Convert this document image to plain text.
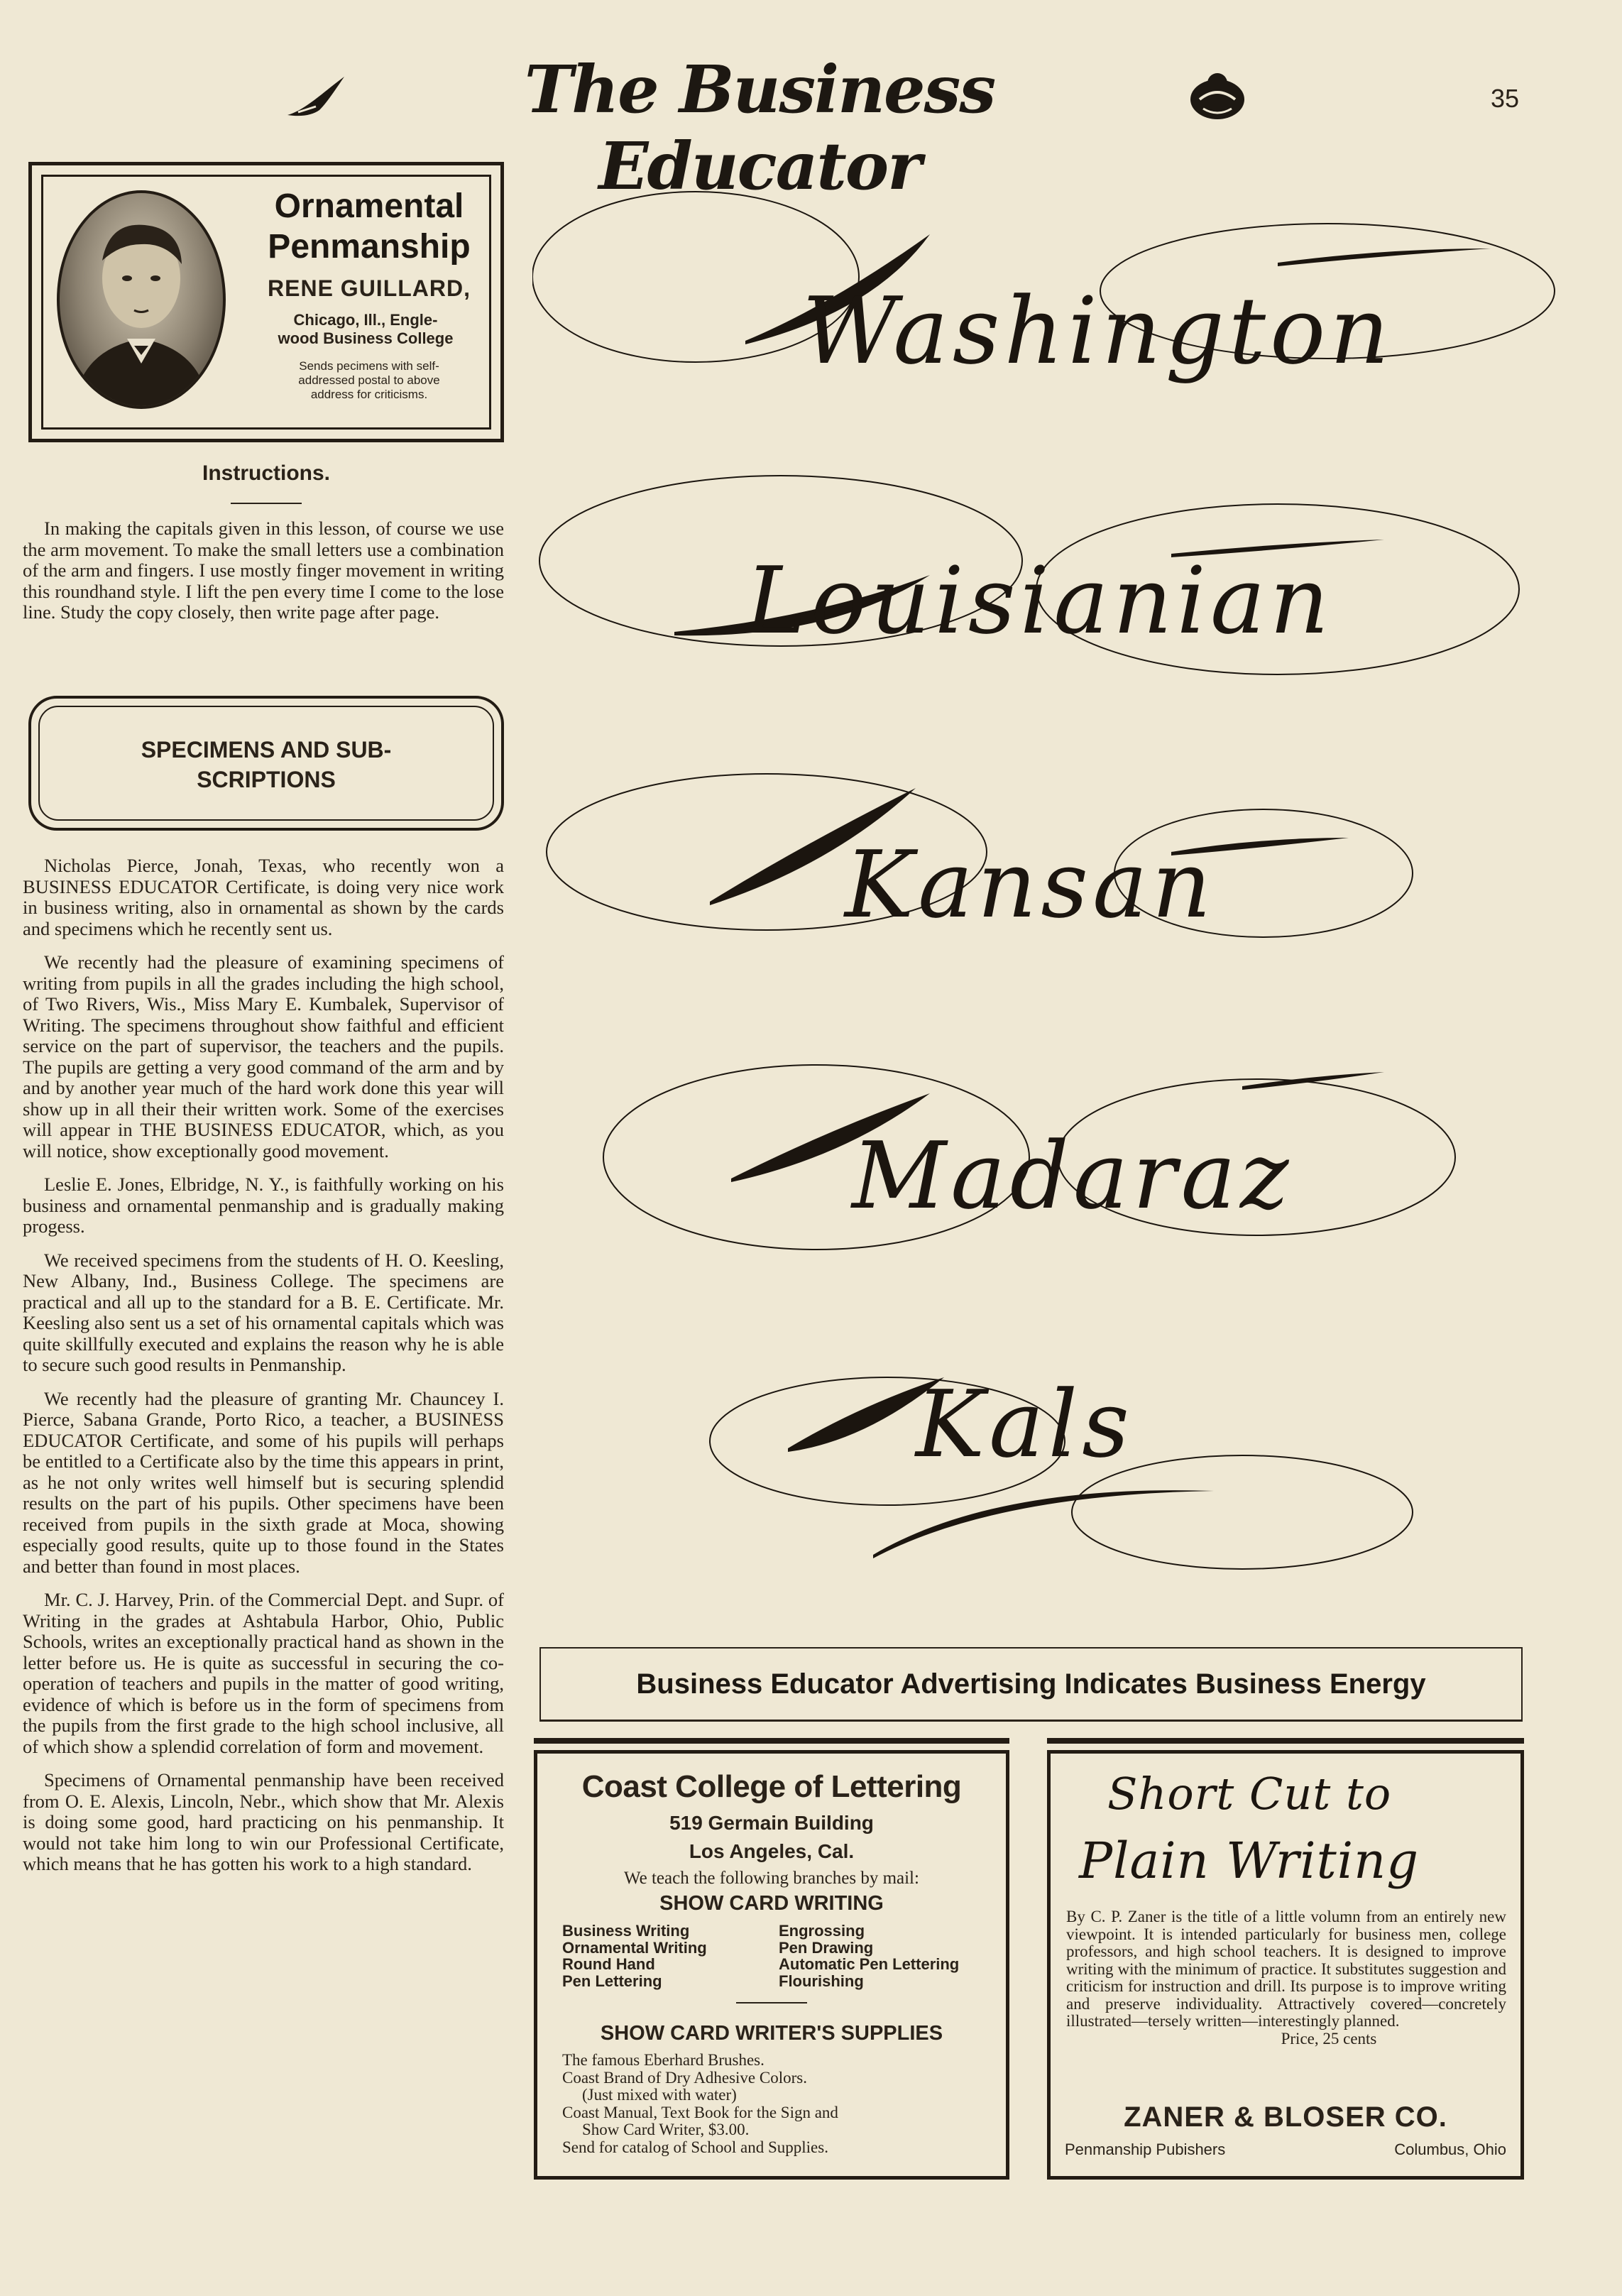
The Business Educator
35
Ornamental
Penmanship
RENE GUILLARD,
Chicago, Ill., Engle-
wood Business College
Sends pecimens with self-
addressed postal to above
address for criticisms.
Instructions.
In making the capitals given in this lesson, of course we use the arm movement. To make the small letters use a combination of the arm and fingers. I use mostly finger movement in writing this roundhand style. I lift the pen every time I come to the lose line. Study the copy closely, then write page after page.
SPECIMENS AND SUB-
SCRIPTIONS

Nicholas Pierce, Jonah, Texas, who recently won a BUSINESS EDUCATOR Certificate, is doing very nice work in business writing, also in ornamental as shown by the cards and specimens which he recently sent us.

We recently had the pleasure of examining specimens of writing from pupils in all the grades including the high school, of Two Rivers, Wis., Miss Mary E. Kumbalek, Supervisor of Writing. The specimens throughout show faithful and efficient service on the part of supervisor, the teachers and the pupils. The pupils are getting a very good command of the arm and by and by another year much of the hard work done this year will show up in all their their written work. Some of the exercises will appear in THE BUSINESS EDUCATOR, which, as you will notice, show exceptionally good movement.

Leslie E. Jones, Elbridge, N. Y., is faithfully working on his business and ornamental penmanship and is gradually making progess.

We received specimens from the students of H. O. Keesling, New Albany, Ind., Business College. The specimens are practical and all up to the standard for a B. E. Certificate. Mr. Keesling also sent us a set of his ornamental capitals which was quite skillfully executed and explains the reason why he is able to secure such good results in Penmanship.

We recently had the pleasure of granting Mr. Chauncey I. Pierce, Sabana Grande, Porto Rico, a teacher, a BUSINESS EDUCATOR Certificate, and some of his pupils will perhaps be entitled to a Certificate also by the time this appears in print, as he not only writes well himself but is securing splendid results on the part of his pupils. Other specimens have been received from pupils in the sixth grade at Moca, showing especially good results, quite up to those found in the States and better than found in most places.

Mr. C. J. Harvey, Prin. of the Commercial Dept. and Supr. of Writing in the grades at Ashtabula Harbor, Ohio, Public Schools, writes an exceptionally practical hand as shown in the letter before us. He is quite as successful in securing the co-operation of teachers and pupils in the matter of good writing, evidence of which is before us in the form of specimens from the pupils from the first grade to the high school inclusive, all of which show a splendid correlation of form and movement.

Specimens of Ornamental penmanship have been received from O. E. Alexis, Lincoln, Nebr., which show that Mr. Alexis is doing some good, hard practicing on his penmanship. It would not take him long to win our Professional Certificate, which means that he has gotten his work to a high standard.

Washington
Louisianian
Kansan
Madaraz
Kals
Business Educator Advertising Indicates Business Energy
Coast College of Lettering
519 Germain Building
Los Angeles, Cal.
We teach the following branches by mail:
SHOW CARD WRITING
Business Writing
Ornamental Writing
Round Hand
Pen Lettering
Engrossing
Pen Drawing
Automatic Pen Lettering
Flourishing
SHOW CARD WRITER'S SUPPLIES
The famous Eberhard Brushes.
Coast Brand of Dry Adhesive Colors.
(Just mixed with water)
Coast Manual, Text Book for the Sign and
Show Card Writer, $3.00.
Send for catalog of School and Supplies.
Short Cut to
Plain Writing
By C. P. Zaner is the title of a little volumn from an entirely new viewpoint. It is intended particularly for business men, college professors, and high school teachers. It is designed to improve writing with the minimum of practice. It substitutes suggestion and criticism for instruction and drill. Its purpose is to improve writing and preserve individuality. Attractively covered—concretely illustrated—tersely written—interestingly planned.
Price, 25 cents
ZANER & BLOSER CO.
Penmanship Pubishers	Columbus, Ohio
